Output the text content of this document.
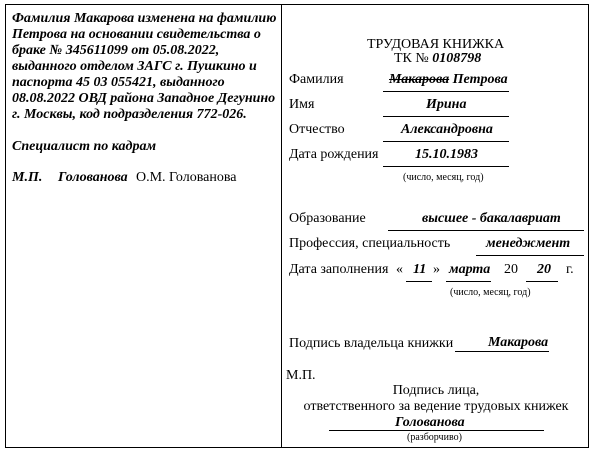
Фамилия Макарова изменена на фамилию
Петрова на основании свидетельства о
браке № 345611099 от 05.08.2022,
выданного отделом ЗАГС г. Пушкино и
паспорта 45 03 055421, выданного
08.08.2022 ОВД района Западное Дегунино
г. Москвы, код подразделения 772-026.
Специалист по кадрам
М.П. Голованова О.М. Голованова
ТРУДОВАЯ КНИЖКА
ТК № 0108798
Фамилия	Макарова Петрова
Имя	Ирина
Отчество	Александровна
Дата рождения	15.10.1983
(число, месяц, год)
Образование	высшее - бакалавриат
Профессия, специальность	менеджмент
Дата заполнения « 11 » марта 20 20 г.
(число, месяц, год)
Подпись владельца книжки Макарова
М.П.
Подпись лица,
ответственного за ведение трудовых книжек
Голованова
(разборчиво)
